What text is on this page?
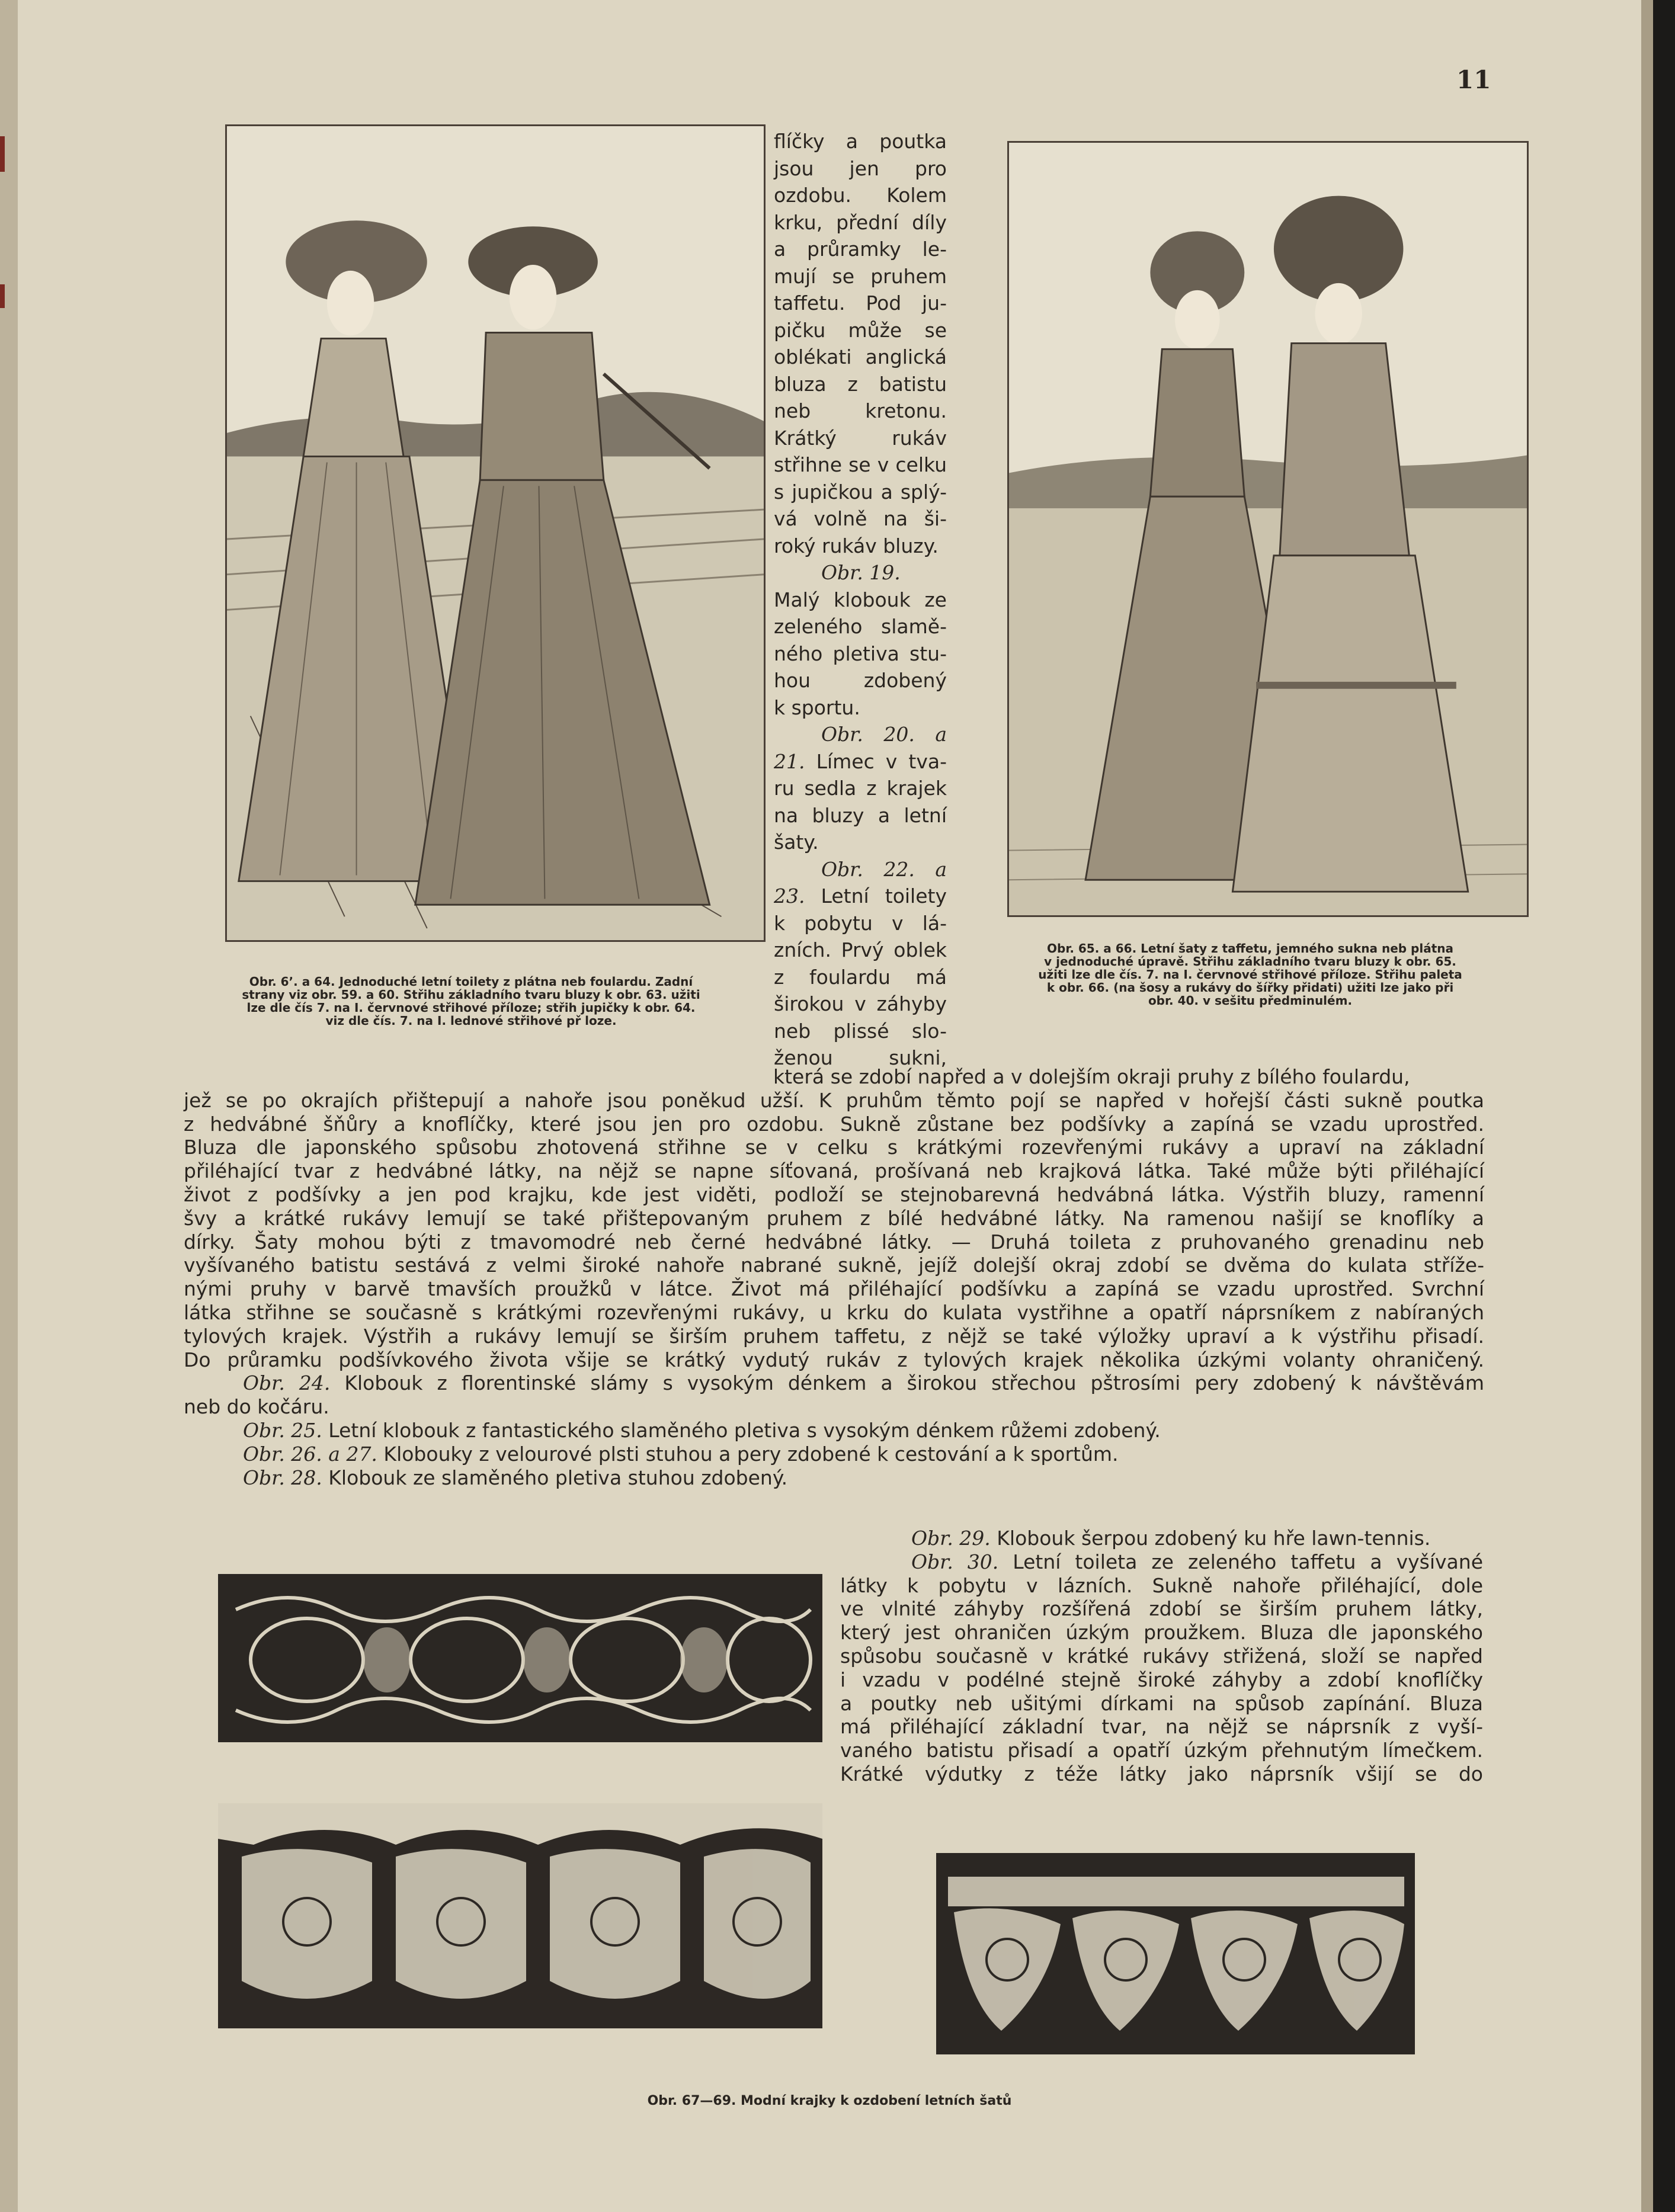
11
Obr. 6ʼ. a 64. Jednoduché letní toilety z plátna neb foulardu. Zadní
strany viz obr. 59. a 60. Střihu základního tvaru bluzy k obr. 63. užiti
lze dle čís 7. na I. červnové střihové příloze; střih jupičky k obr. 64.
viz dle čís. 7. na I. lednové střihové př loze.
Obr. 65. a 66. Letní šaty z taffetu, jemného sukna neb plátna
v jednoduché úpravě. Střihu základního tvaru bluzy k obr. 65.
užiti lze dle čís. 7. na I. červnové střihové příloze. Střihu paleta
k obr. 66. (na šosy a rukávy do šířky přidati) užiti lze jako při
obr. 40. v sešitu předminulém.
flíčky a poutka
jsou jen pro
ozdobu. Kolem
krku, přední díly
a průramky le-
mují se pruhem
taffetu. Pod ju-
pičku může se
oblékati anglická
bluza z batistu
neb kretonu.
Krátký rukáv
střihne se v celku
s jupičkou a splý-
vá volně na ši-
roký rukáv bluzy.
Obr. 19.
Malý klobouk ze
zeleného slamě-
ného pletiva stu-
hou zdobený
k sportu.
Obr. 20. a
21. Límec v tva-
ru sedla z krajek
na bluzy a letní
šaty.
Obr. 22. a
23. Letní toilety
k pobytu v lá-
zních. Prvý oblek
z foulardu má
širokou v záhyby
neb plissé slo-
ženou sukni,
která se zdobí napřed a v dolejším okraji pruhy z bílého foulardu,
jež se po okrajích přištepují a nahoře jsou poněkud užší. K pruhům těmto pojí se napřed v hořejší části sukně poutka
z hedvábné šňůry a knoflíčky, které jsou jen pro ozdobu. Sukně zůstane bez podšívky a zapíná se vzadu uprostřed.
Bluza dle japonského spůsobu zhotovená střihne se v celku s krátkými rozevřenými rukávy a upraví na základní
přiléhající tvar z hedvábné látky, na nějž se napne síťovaná, prošívaná neb krajková látka. Také může býti přiléhající
život z podšívky a jen pod krajku, kde jest viděti, podloží se stejnobarevná hedvábná látka. Výstřih bluzy, ramenní
švy a krátké rukávy lemují se také přištepovaným pruhem z bílé hedvábné látky. Na ramenou našijí se knoflíky a
dírky. Šaty mohou býti z tmavomodré neb černé hedvábné látky. — Druhá toileta z pruhovaného grenadinu neb
vyšívaného batistu sestává z velmi široké nahoře nabrané sukně, jejíž dolejší okraj zdobí se dvěma do kulata stříže-
nými pruhy v barvě tmavších proužků v látce. Život má přiléhající podšívku a zapíná se vzadu uprostřed. Svrchní
látka střihne se současně s krátkými rozevřenými rukávy, u krku do kulata vystřihne a opatří náprsníkem z nabíraných
tylových krajek. Výstřih a rukávy lemují se širším pruhem taffetu, z nějž se také výložky upraví a k výstřihu přisadí.
Do průramku podšívkového života všije se krátký vydutý rukáv z tylových krajek několika úzkými volanty ohraničený.
Obr. 24. Klobouk z florentinské slámy s vysokým dénkem a širokou střechou pštrosími pery zdobený k návštěvám
neb do kočáru.
Obr. 25. Letní klobouk z fantastického slaměného pletiva s vysokým dénkem růžemi zdobený.
Obr. 26. a 27. Klobouky z velourové plsti stuhou a pery zdobené k cestování a k sportům.
Obr. 28. Klobouk ze slaměného pletiva stuhou zdobený.
Obr. 29. Klobouk šerpou zdobený ku hře lawn-tennis.
Obr. 30. Letní toileta ze zeleného taffetu a vyšívané
látky k pobytu v lázních. Sukně nahoře přiléhající, dole
ve vlnité záhyby rozšířená zdobí se širším pruhem látky,
který jest ohraničen úzkým proužkem. Bluza dle japonského
spůsobu současně v krátké rukávy střižená, složí se napřed
i vzadu v podélné stejně široké záhyby a zdobí knoflíčky
a poutky neb ušitými dírkami na spůsob zapínání. Bluza
má přiléhající základní tvar, na nějž se náprsník z vyší-
vaného batistu přisadí a opatří úzkým přehnutým límečkem.
Krátké výdutky z téže látky jako náprsník všijí se do
Obr. 67—69. Modní krajky k ozdobení letních šatů
